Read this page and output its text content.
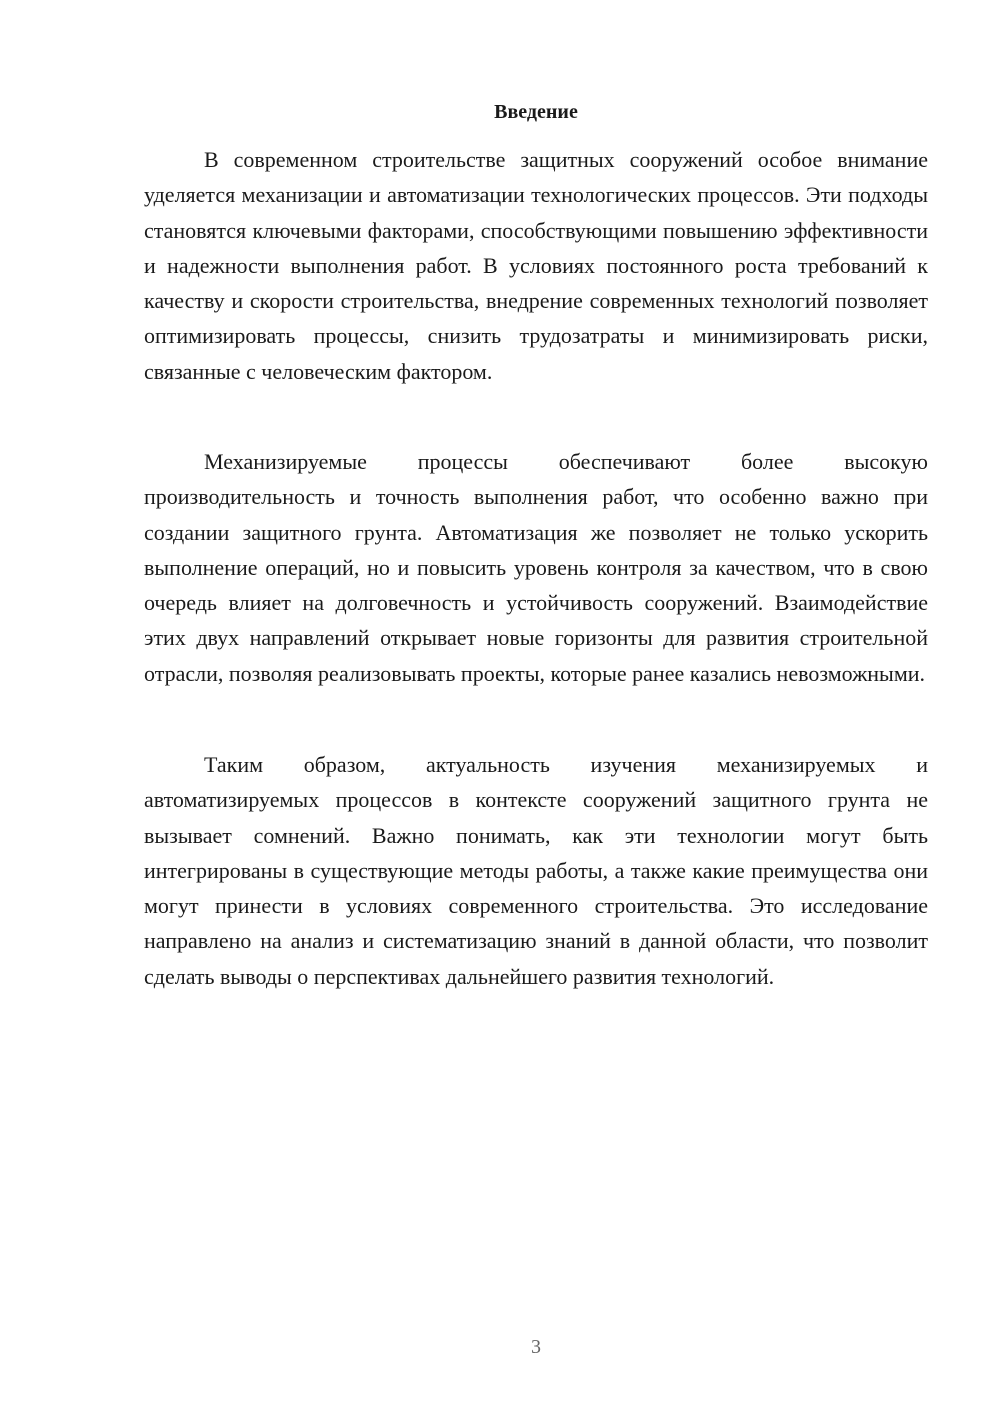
Введение

В современном строительстве защитных сооружений особое внимание уделяется механизации и автоматизации технологических процессов. Эти подходы становятся ключевыми факторами, способствующими повышению эффективности и надежности выполнения работ. В условиях постоянного роста требований к качеству и скорости строительства, внедрение современных технологий позволяет оптимизировать процессы, снизить трудозатраты и минимизировать риски, связанные с человеческим фактором.

Механизируемые процессы обеспечивают более высокую производительность и точность выполнения работ, что особенно важно при создании защитного грунта. Автоматизация же позволяет не только ускорить выполнение операций, но и повысить уровень контроля за качеством, что в свою очередь влияет на долговечность и устойчивость сооружений. Взаимодействие этих двух направлений открывает новые горизонты для развития строительной отрасли, позволяя реализовывать проекты, которые ранее казались невозможными.

Таким образом, актуальность изучения механизируемых и автоматизируемых процессов в контексте сооружений защитного грунта не вызывает сомнений. Важно понимать, как эти технологии могут быть интегрированы в существующие методы работы, а также какие преимущества они могут принести в условиях современного строительства. Это исследование направлено на анализ и систематизацию знаний в данной области, что позволит сделать выводы о перспективах дальнейшего развития технологий.

3
